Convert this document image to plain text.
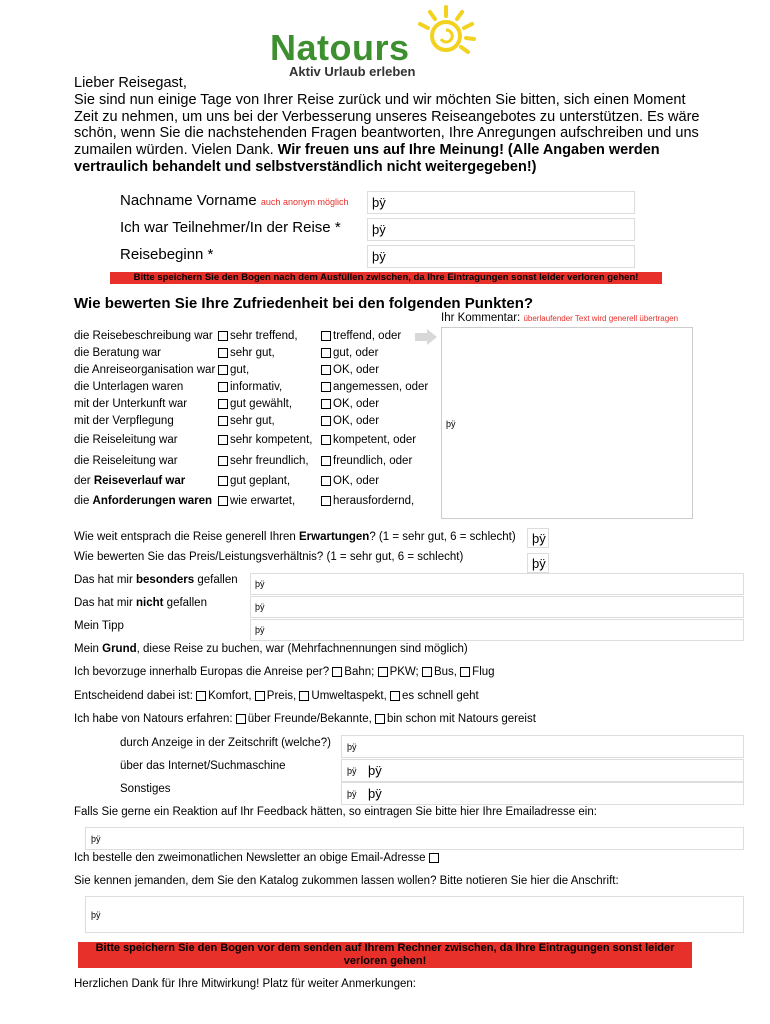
Natours
Aktiv Urlaub erleben
Lieber Reisegast,
Sie sind nun einige Tage von Ihrer Reise zurück und wir möchten Sie bitten, sich einen Moment Zeit zu nehmen, um uns bei der Verbesserung unseres Reiseangebotes zu unterstützen. Es wäre schön, wenn Sie die nachstehenden Fragen beantworten, Ihre Anregungen aufschreiben und uns zumailen würden. Vielen Dank. Wir freuen uns auf Ihre Meinung! (Alle Angaben werden vertraulich behandelt und selbstverständlich nicht weitergegeben!)
Nachname Vorname auch anonym möglich þÿ
Ich war Teilnehmer/In der Reise * þÿ
Reisebeginn *	þÿ
Bitte speichern Sie den Bogen nach dem Ausfüllen zwischen, da Ihre Eintragungen sonst leider verloren gehen!
Wie bewerten Sie Ihre Zufriedenheit bei den folgenden Punkten?
Ihr Kommentar: überlaufender Text wird generell übertragen
þÿ
die Reisebeschreibung war	sehr treffend,	treffend, oder
die Beratung war	sehr gut,	gut, oder
die Anreiseorganisation war	gut,	OK, oder
die Unterlagen waren	informativ,	angemessen, oder
mit der Unterkunft war	gut gewählt,	OK, oder
mit der Verpflegung	sehr gut,	OK, oder
die Reiseleitung war	sehr kompetent,	kompetent, oder
die Reiseleitung war	sehr freundlich,	freundlich, oder
der Reiseverlauf war	gut geplant,	OK, oder
die Anforderungen waren	wie erwartet,	herausfordernd,
Wie weit entsprach die Reise generell Ihren Erwartungen? (1 = sehr gut, 6 = schlecht) þÿ
Wie bewerten Sie das Preis/Leistungsverhältnis? (1 = sehr gut, 6 = schlecht)	þÿ
Das hat mir besonders gefallen þÿ
Das hat mir nicht gefallen	þÿ
Mein Tipp	þÿ
Mein Grund, diese Reise zu buchen, war (Mehrfachnennungen sind möglich)
Ich bevorzuge innerhalb Europas die Anreise per? Bahn; PKW; Bus, Flug
Entscheidend dabei ist: Komfort, Preis, Umweltaspekt, es schnell geht
Ich habe von Natours erfahren: über Freunde/Bekannte, bin schon mit Natours gereist
durch Anzeige in der Zeitschrift (welche?) þÿ
über das Internet/Suchmaschine	þÿ þÿ
Sonstiges	þÿ þÿ
Falls Sie gerne ein Reaktion auf Ihr Feedback hätten, so eintragen Sie bitte hier Ihre Emailadresse ein:
þÿ
Ich bestelle den zweimonatlichen Newsletter an obige Email-Adresse
Sie kennen jemanden, dem Sie den Katalog zukommen lassen wollen? Bitte notieren Sie hier die Anschrift:
þÿ
Bitte speichern Sie den Bogen vor dem senden auf Ihrem Rechner zwischen, da Ihre Eintragungen sonst leider verloren gehen!
Herzlichen Dank für Ihre Mitwirkung! Platz für weiter Anmerkungen:
